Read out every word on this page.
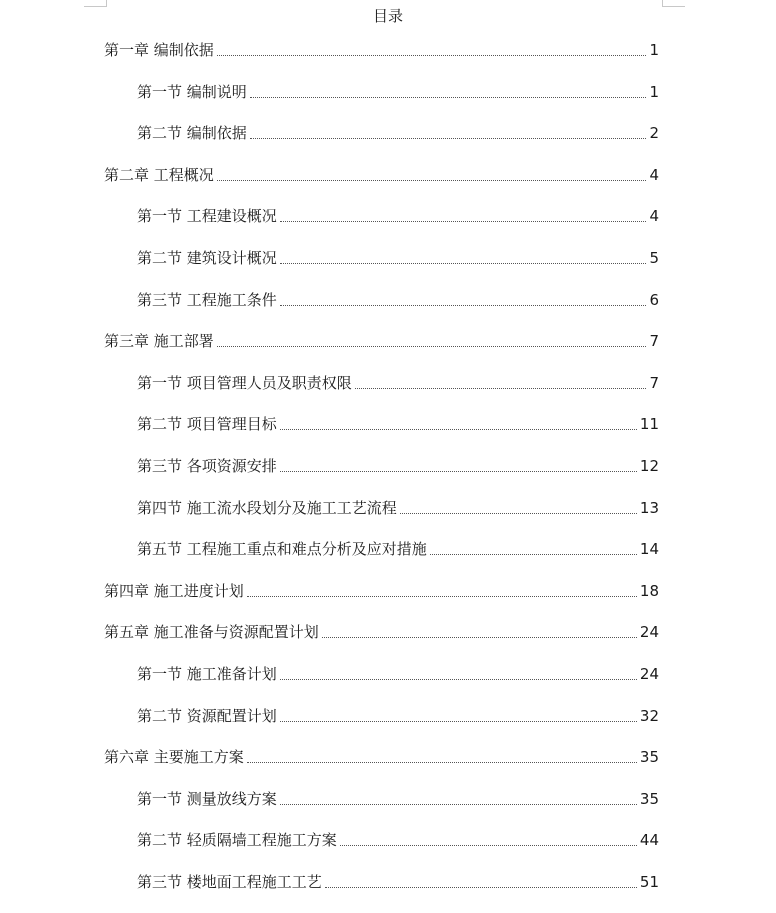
目录
第一章 编制依据	1
第一节 编制说明	1
第二节 编制依据	2
第二章 工程概况	4
第一节 工程建设概况	4
第二节 建筑设计概况	5
第三节 工程施工条件	6
第三章 施工部署	7
第一节 项目管理人员及职责权限	7
第二节 项目管理目标	11
第三节 各项资源安排	12
第四节 施工流水段划分及施工工艺流程	13
第五节 工程施工重点和难点分析及应对措施	14
第四章 施工进度计划	18
第五章 施工准备与资源配置计划	24
第一节 施工准备计划	24
第二节 资源配置计划	32
第六章 主要施工方案	35
第一节 测量放线方案	35
第二节 轻质隔墙工程施工方案	44
第三节 楼地面工程施工工艺	51
